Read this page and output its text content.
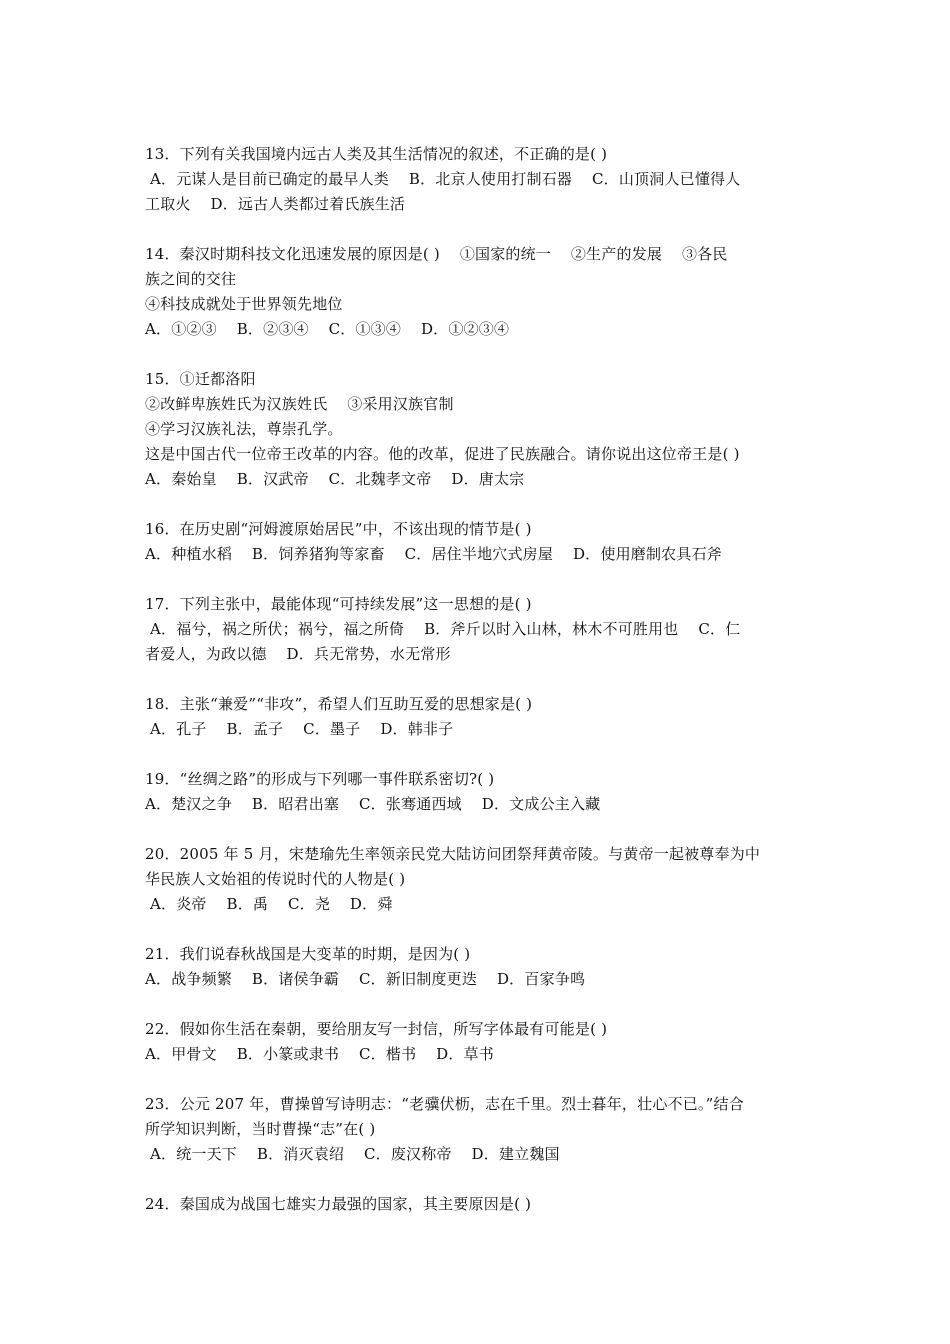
13．下列有关我国境内远古人类及其生活情况的叙述，不正确的是( )
A．元谋人是目前已确定的最早人类    B．北京人使用打制石器    C．山顶洞人已懂得人
工取火    D．远古人类都过着氏族生活
14．秦汉时期科技文化迅速发展的原因是( )    ①国家的统一    ②生产的发展    ③各民
族之间的交往
④科技成就处于世界领先地位
A．①②③    B．②③④    C．①③④    D．①②③④
15．①迁都洛阳
②改鲜卑族姓氏为汉族姓氏    ③采用汉族官制
④学习汉族礼法，尊崇孔学。
这是中国古代一位帝王改革的内容。他的改革，促进了民族融合。请你说出这位帝王是( )
A．秦始皇    B．汉武帝    C．北魏孝文帝    D．唐太宗
16．在历史剧“河姆渡原始居民”中，不该出现的情节是( )
A．种植水稻    B．饲养猪狗等家畜    C．居住半地穴式房屋    D．使用磨制农具石斧
17．下列主张中，最能体现“可持续发展”这一思想的是( )
A．福兮，祸之所伏；祸兮，福之所倚    B．斧斤以时入山林，林木不可胜用也    C．仁
者爱人，为政以德    D．兵无常势，水无常形
18．主张“兼爱”“非攻”，希望人们互助互爱的思想家是( )
A．孔子    B．孟子    C．墨子    D．韩非子
19．“丝绸之路”的形成与下列哪一事件联系密切?( )
A．楚汉之争    B．昭君出塞    C．张骞通西域    D．文成公主入藏
20．2005 年 5 月，宋楚瑜先生率领亲民党大陆访问团祭拜黄帝陵。与黄帝一起被尊奉为中
华民族人文始祖的传说时代的人物是( )
A．炎帝    B．禹    C．尧    D．舜
21．我们说春秋战国是大变革的时期，是因为( )
A．战争频繁    B．诸侯争霸    C．新旧制度更迭    D．百家争鸣
22．假如你生活在秦朝，要给朋友写一封信，所写字体最有可能是( )
A．甲骨文    B．小篆或隶书    C．楷书    D．草书
23．公元 207 年，曹操曾写诗明志：“老骥伏枥，志在千里。烈士暮年，壮心不已。”结合
所学知识判断，当时曹操“志”在( )
A．统一天下    B．消灭袁绍    C．废汉称帝    D．建立魏国
24．秦国成为战国七雄实力最强的国家，其主要原因是( )
